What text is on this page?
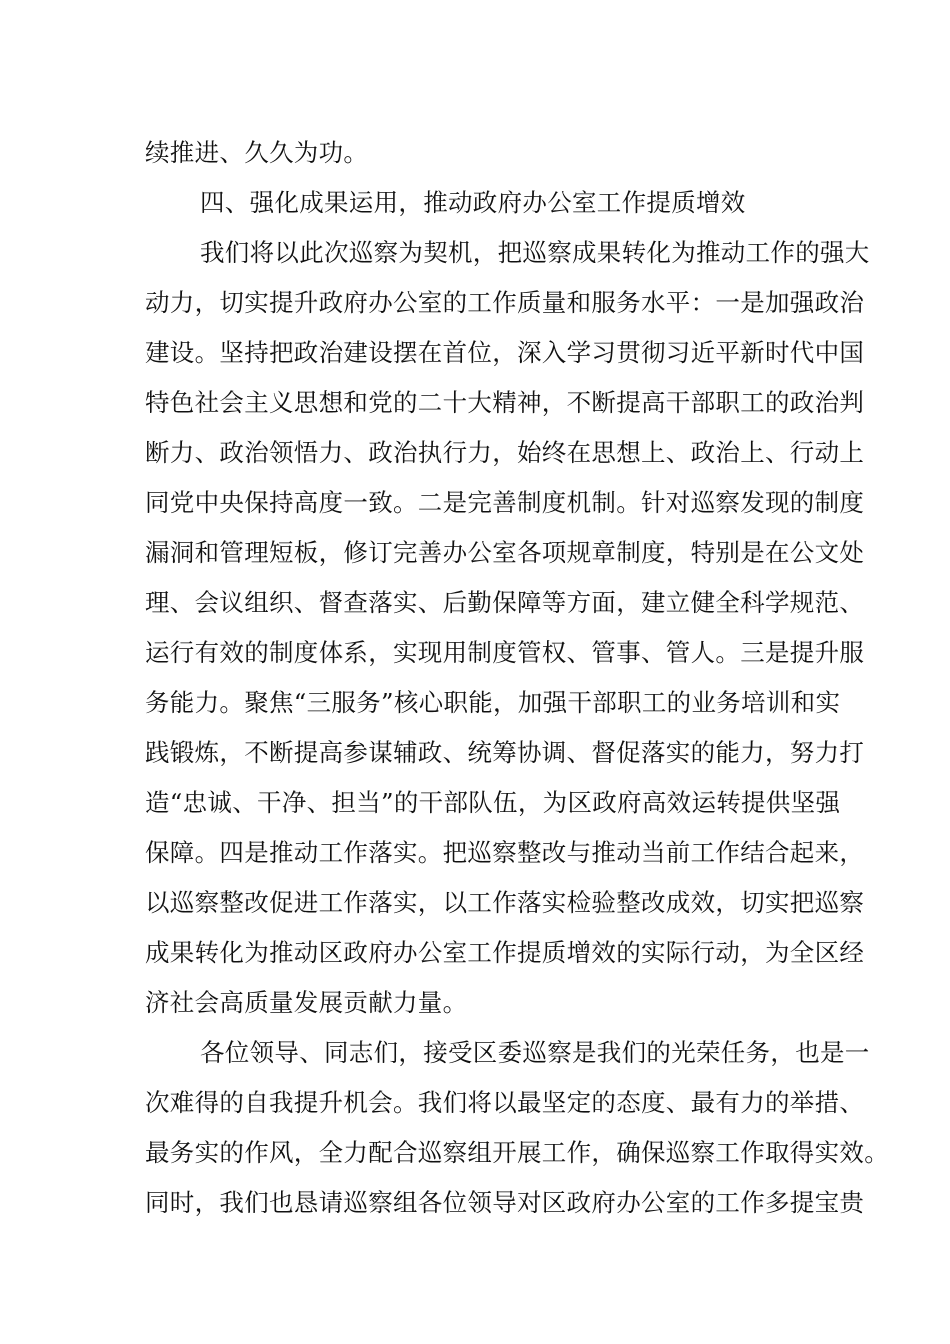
续推进、久久为功。
四、强化成果运用，推动政府办公室工作提质增效
我们将以此次巡察为契机，把巡察成果转化为推动工作的强大
动力，切实提升政府办公室的工作质量和服务水平：一是加强政治
建设。坚持把政治建设摆在首位，深入学习贯彻习近平新时代中国
特色社会主义思想和党的二十大精神，不断提高干部职工的政治判
断力、政治领悟力、政治执行力，始终在思想上、政治上、行动上
同党中央保持高度一致。二是完善制度机制。针对巡察发现的制度
漏洞和管理短板，修订完善办公室各项规章制度，特别是在公文处
理、会议组织、督查落实、后勤保障等方面，建立健全科学规范、
运行有效的制度体系，实现用制度管权、管事、管人。三是提升服
务能力。聚焦“三服务”核心职能，加强干部职工的业务培训和实
践锻炼，不断提高参谋辅政、统筹协调、督促落实的能力，努力打
造“忠诚、干净、担当”的干部队伍，为区政府高效运转提供坚强
保障。四是推动工作落实。把巡察整改与推动当前工作结合起来，
以巡察整改促进工作落实，以工作落实检验整改成效，切实把巡察
成果转化为推动区政府办公室工作提质增效的实际行动，为全区经
济社会高质量发展贡献力量。
各位领导、同志们，接受区委巡察是我们的光荣任务，也是一
次难得的自我提升机会。我们将以最坚定的态度、最有力的举措、
最务实的作风，全力配合巡察组开展工作，确保巡察工作取得实效。
同时，我们也恳请巡察组各位领导对区政府办公室的工作多提宝贵
